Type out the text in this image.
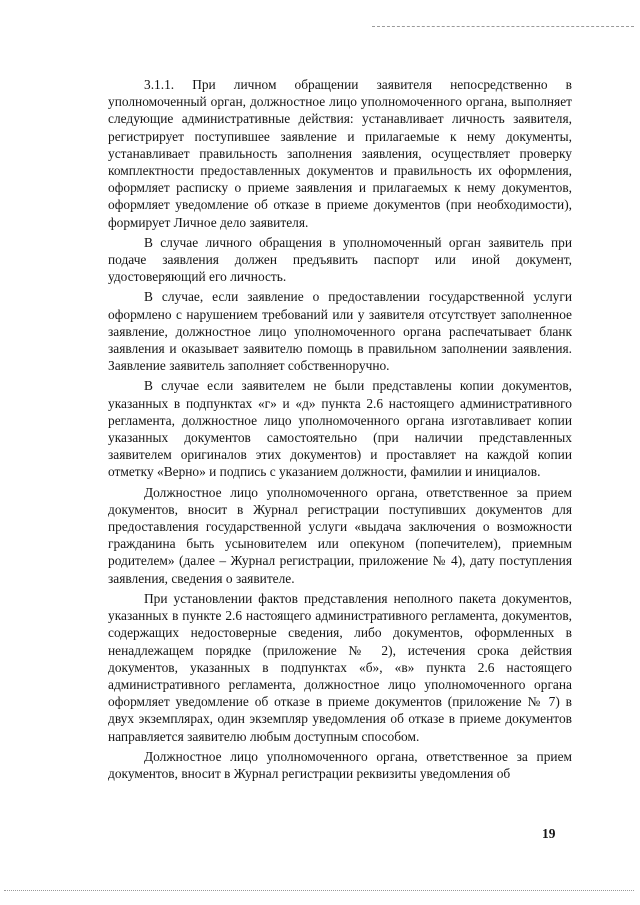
3.1.1. При личном обращении заявителя непосредственно в уполномоченный орган, должностное лицо уполномоченного органа, выполняет следующие административные действия: устанавливает личность заявителя, регистрирует поступившее заявление и прилагаемые к нему документы, устанавливает правильность заполнения заявления, осуществляет проверку комплектности предоставленных документов и правильность их оформления, оформляет расписку о приеме заявления и прилагаемых к нему документов, оформляет уведомление об отказе в приеме документов (при необходимости), формирует Личное дело заявителя.

В случае личного обращения в уполномоченный орган заявитель при подаче заявления должен предъявить паспорт или иной документ, удостоверяющий его личность.

В случае, если заявление о предоставлении государственной услуги оформлено с нарушением требований или у заявителя отсутствует заполненное заявление, должностное лицо уполномоченного органа распечатывает бланк заявления и оказывает заявителю помощь в правильном заполнении заявления. Заявление заявитель заполняет собственноручно.

В случае если заявителем не были представлены копии документов, указанных в подпунктах «г» и «д» пункта 2.6 настоящего административного регламента, должностное лицо уполномоченного органа изготавливает копии указанных документов самостоятельно (при наличии представленных заявителем оригиналов этих документов) и проставляет на каждой копии отметку «Верно» и подпись с указанием должности, фамилии и инициалов.

Должностное лицо уполномоченного органа, ответственное за прием документов, вносит в Журнал регистрации поступивших документов для предоставления государственной услуги «выдача заключения о возможности гражданина быть усыновителем или опекуном (попечителем), приемным родителем» (далее – Журнал регистрации, приложение № 4), дату поступления заявления, сведения о заявителе.

При установлении фактов представления неполного пакета документов, указанных в пункте 2.6 настоящего административного регламента, документов, содержащих недостоверные сведения, либо документов, оформленных в ненадлежащем порядке (приложение № 2), истечения срока действия документов, указанных в подпунктах «б», «в» пункта 2.6 настоящего административного регламента, должностное лицо уполномоченного органа оформляет уведомление об отказе в приеме документов (приложение № 7) в двух экземплярах, один экземпляр уведомления об отказе в приеме документов направляется заявителю любым доступным способом.

Должностное лицо уполномоченного органа, ответственное за прием документов, вносит в Журнал регистрации реквизиты уведомления об

19
